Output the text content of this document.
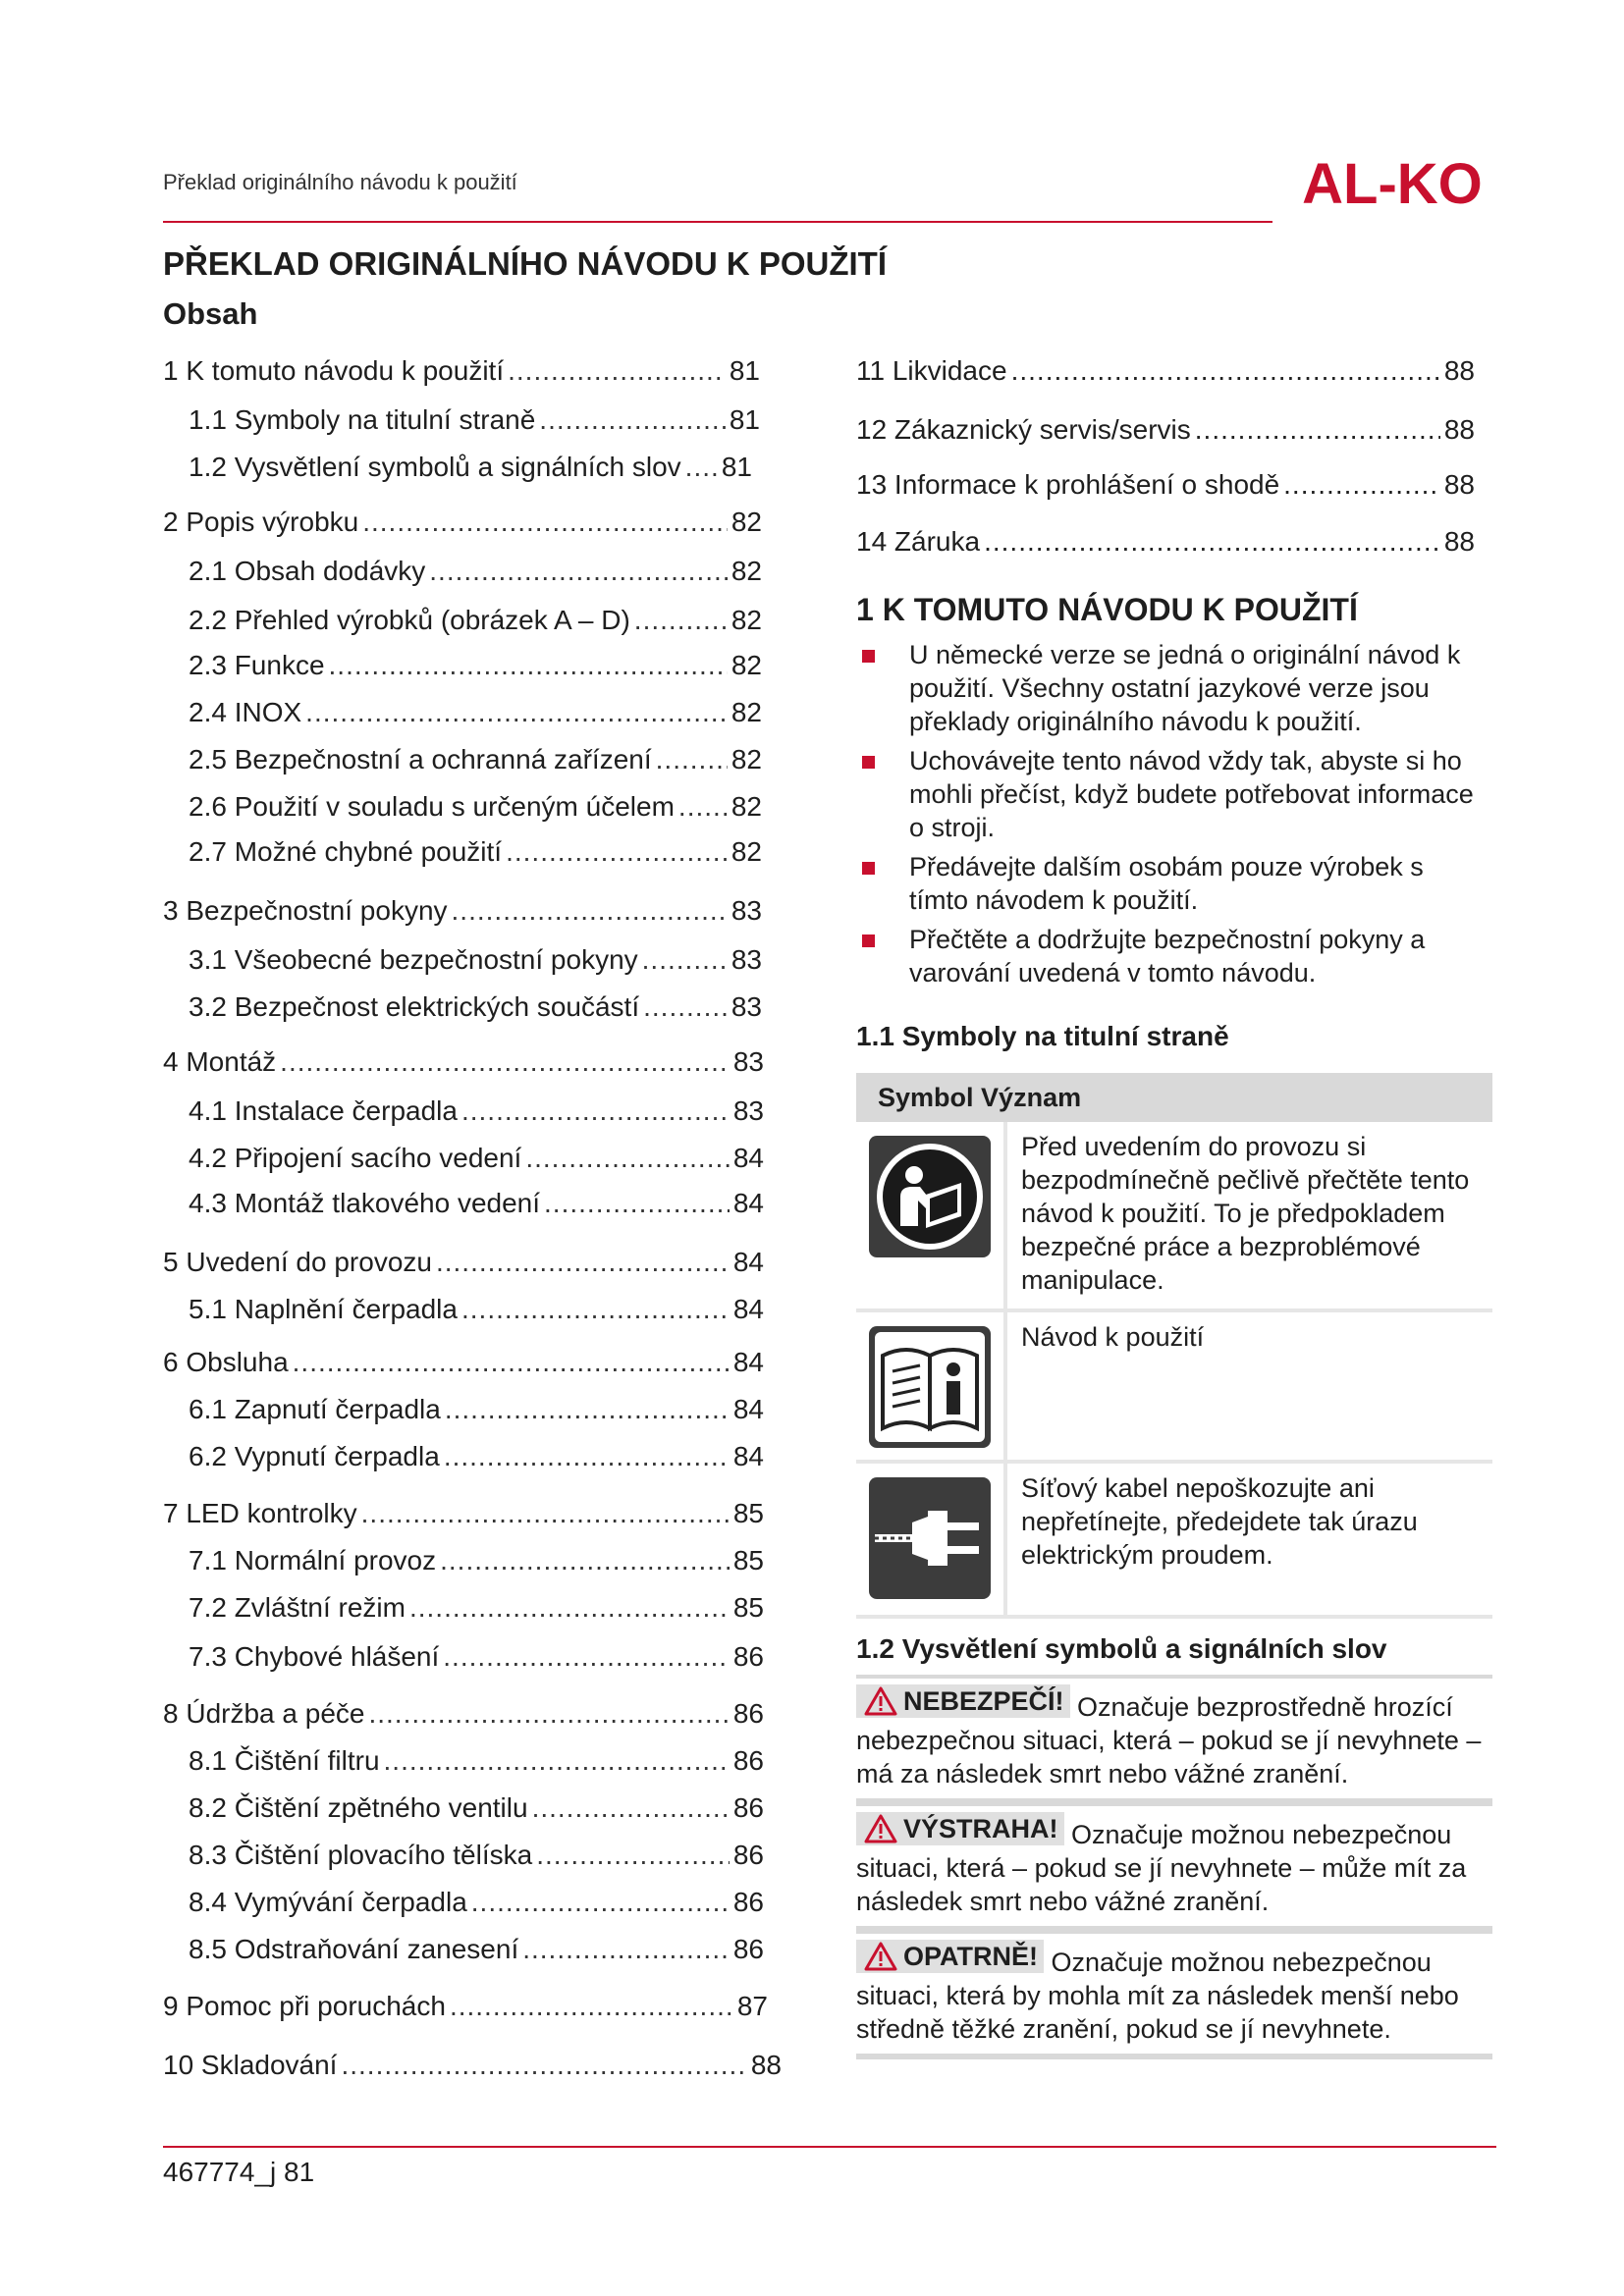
Překlad originálního návodu k použití	AL-KO
PŘEKLAD ORIGINÁLNÍHO NÁVODU K POUŽITÍ
Obsah
1 K tomuto návodu k použití .....	81
1.1 Symboly na titulní straně .....	81
1.2 Vysvětlení symbolů a signálních slov ..... 81
2 Popis výrobku .....	82
2.1 Obsah dodávky .....	82
2.2 Přehled výrobků (obrázek A – D) .....	82
2.3 Funkce .....	82
2.4 INOX .....	82
2.5 Bezpečnostní a ochranná zařízení .....	82
2.6 Použití v souladu s určeným účelem ..... 82
2.7 Možné chybné použití .....	82
3 Bezpečnostní pokyny .....	83
3.1 Všeobecné bezpečnostní pokyny .....	83
3.2 Bezpečnost elektrických součástí .....	83
4 Montáž .....	83
4.1 Instalace čerpadla .....	83
4.2 Připojení sacího vedení .....	84
4.3 Montáž tlakového vedení .....	84
5 Uvedení do provozu .....	84
5.1 Naplnění čerpadla .....	84
6 Obsluha .....	84
6.1 Zapnutí čerpadla .....	84
6.2 Vypnutí čerpadla .....	84
7 LED kontrolky .....	85
7.1 Normální provoz .....	85
7.2 Zvláštní režim .....	85
7.3 Chybové hlášení .....	86
8 Údržba a péče .....	86
8.1 Čištění filtru .....	86
8.2 Čištění zpětného ventilu .....	86
8.3 Čištění plovacího tělíska .....	86
8.4 Vymývání čerpadla .....	86
8.5 Odstraňování zanesení .....	86
9 Pomoc při poruchách .....	87
10 Skladování .....	88
11 Likvidace .....	88
12 Zákaznický servis/servis .....	88
13 Informace k prohlášení o shodě .....	88
14 Záruka .....	88
1 K TOMUTO NÁVODU K POUŽITÍ
U německé verze se jedná o originální návod k použití. Všechny ostatní jazykové verze jsou překlady originálního návodu k použití.
Uchovávejte tento návod vždy tak, abyste si ho mohli přečíst, když budete potřebovat informace o stroji.
Předávejte dalším osobám pouze výrobek s tímto návodem k použití.
Přečtěte a dodržujte bezpečnostní pokyny a varování uvedená v tomto návodu.
1.1 Symboly na titulní straně
Symbol
Význam
Před uvedením do provozu si bezpodmínečně pečlivě přečtěte tento návod k použití. To je předpokladem bezpečné práce a bezproblémové manipulace.
Návod k použití
Síťový kabel nepoškozujte ani nepřetínejte, předejdete tak úrazu elektrickým proudem.
1.2 Vysvětlení symbolů a signálních slov
NEBEZPEČÍ! Označuje bezprostředně hrozící nebezpečnou situaci, která – pokud se jí nevyhnete – má za následek smrt nebo vážné zranění.
VÝSTRAHA! Označuje možnou nebezpečnou situaci, která – pokud se jí nevyhnete – může mít za následek smrt nebo vážné zranění.
OPATRNĚ! Označuje možnou nebezpečnou situaci, která by mohla mít za následek menší nebo středně těžké zranění, pokud se jí nevyhnete.
467774_j 81
